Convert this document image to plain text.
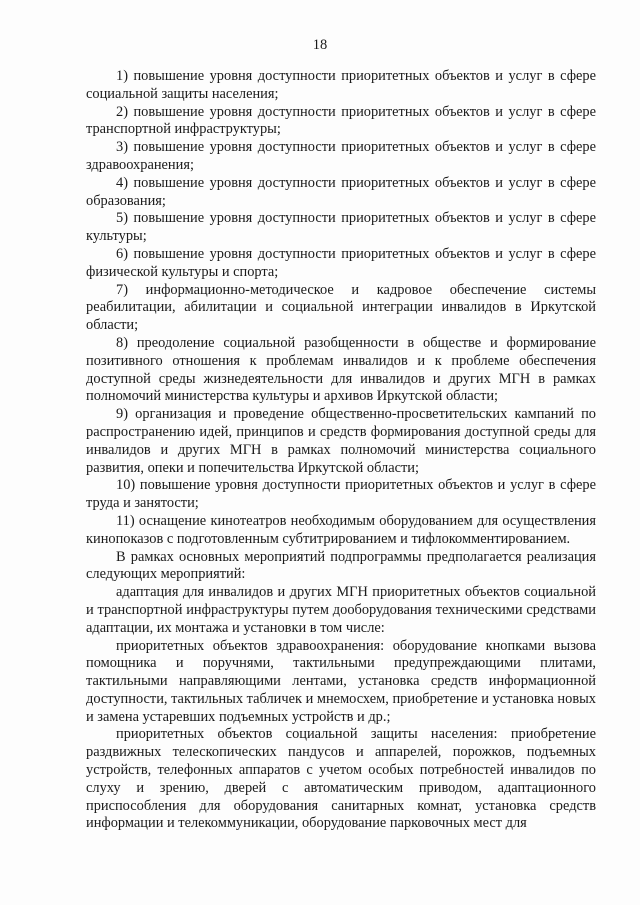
18

1) повышение уровня доступности приоритетных объектов и услуг в сфере социальной защиты населения;

2) повышение уровня доступности приоритетных объектов и услуг в сфере транспортной инфраструктуры;

3) повышение уровня доступности приоритетных объектов и услуг в сфере здравоохранения;

4) повышение уровня доступности приоритетных объектов и услуг в сфере образования;

5) повышение уровня доступности приоритетных объектов и услуг в сфере культуры;

6) повышение уровня доступности приоритетных объектов и услуг в сфере физической культуры и спорта;

7) информационно-методическое и кадровое обеспечение системы реабилитации, абилитации и социальной интеграции инвалидов в Иркутской области;

8) преодоление социальной разобщенности в обществе и формирование позитивного отношения к проблемам инвалидов и к проблеме обеспечения доступной среды жизнедеятельности для инвалидов и других МГН в рамках полномочий министерства культуры и архивов Иркутской области;

9) организация и проведение общественно-просветительских кампаний по распространению идей, принципов и средств формирования доступной среды для инвалидов и других МГН в рамках полномочий министерства социального развития, опеки и попечительства Иркутской области;

10) повышение уровня доступности приоритетных объектов и услуг в сфере труда и занятости;

11) оснащение кинотеатров необходимым оборудованием для осуществления кинопоказов с подготовленным субтитрированием и тифлокомментированием.

В рамках основных мероприятий подпрограммы предполагается реализация следующих мероприятий:

адаптация для инвалидов и других МГН приоритетных объектов социальной и транспортной инфраструктуры путем дооборудования техническими средствами адаптации, их монтажа и установки в том числе:

приоритетных объектов здравоохранения: оборудование кнопками вызова помощника и поручнями, тактильными предупреждающими плитами, тактильными направляющими лентами, установка средств информационной доступности, тактильных табличек и мнемосхем, приобретение и установка новых и замена устаревших подъемных устройств и др.;

приоритетных объектов социальной защиты населения: приобретение раздвижных телескопических пандусов и аппарелей, порожков, подъемных устройств, телефонных аппаратов с учетом особых потребностей инвалидов по слуху и зрению, дверей с автоматическим приводом, адаптационного приспособления для оборудования санитарных комнат, установка средств информации и телекоммуникации, оборудование парковочных мест для
